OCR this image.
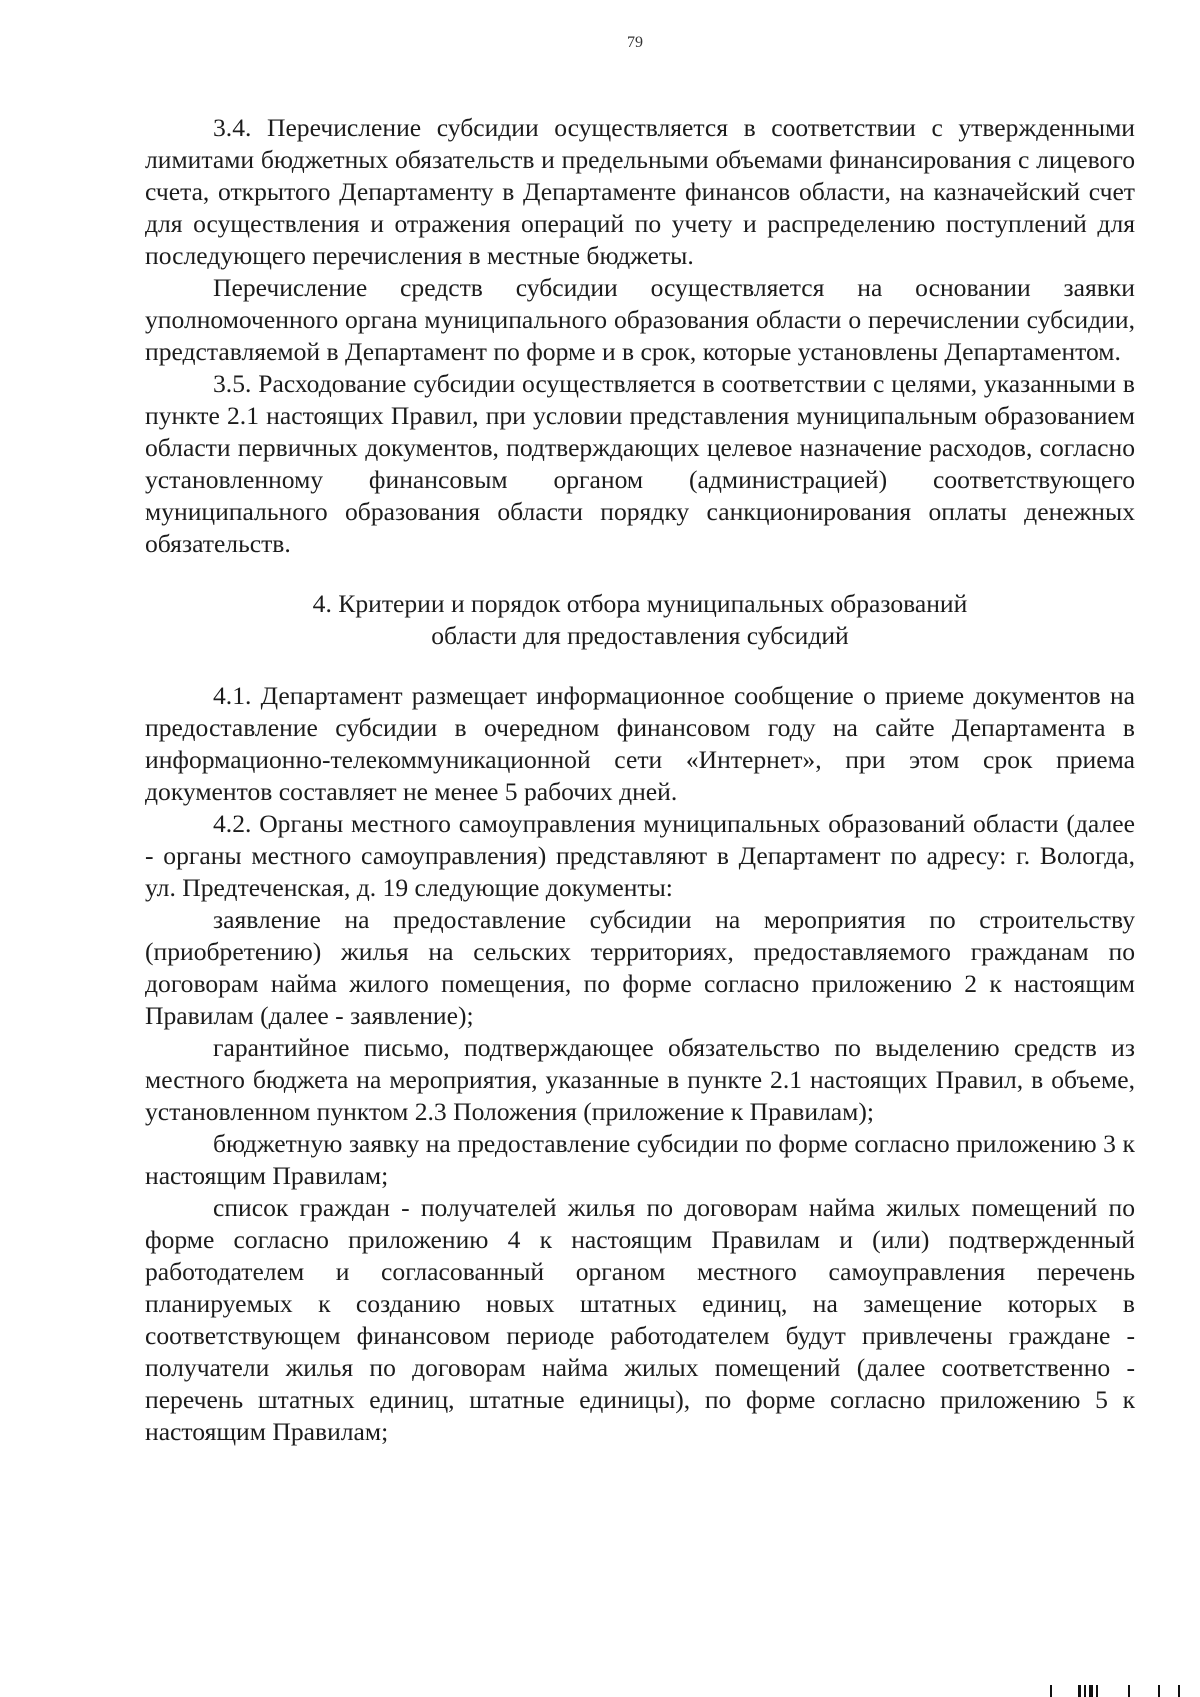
79

3.4. Перечисление субсидии осуществляется в соответствии с утвержденными лимитами бюджетных обязательств и предельными объемами финансирования с лицевого счета, открытого Департаменту в Департаменте финансов области, на казначейский счет для осуществления и отражения операций по учету и распределению поступлений для последующего перечисления в местные бюджеты.

Перечисление средств субсидии осуществляется на основании заявки уполномоченного органа муниципального образования области о перечислении субсидии, представляемой в Департамент по форме и в срок, которые установлены Департаментом.

3.5. Расходование субсидии осуществляется в соответствии с целями, указанными в пункте 2.1 настоящих Правил, при условии представления муниципальным образованием области первичных документов, подтверждающих целевое назначение расходов, согласно установленному финансовым органом (администрацией) соответствующего муниципального образования области порядку санкционирования оплаты денежных обязательств.

4. Критерии и порядок отбора муниципальных образований
области для предоставления субсидий

4.1. Департамент размещает информационное сообщение о приеме документов на предоставление субсидии в очередном финансовом году на сайте Департамента в информационно-телекоммуникационной сети «Интернет», при этом срок приема документов составляет не менее 5 рабочих дней.

4.2. Органы местного самоуправления муниципальных образований области (далее - органы местного самоуправления) представляют в Департамент по адресу: г. Вологда, ул. Предтеченская, д. 19 следующие документы:

заявление на предоставление субсидии на мероприятия по строительству (приобретению) жилья на сельских территориях, предоставляемого гражданам по договорам найма жилого помещения, по форме согласно приложению 2 к настоящим Правилам (далее - заявление);

гарантийное письмо, подтверждающее обязательство по выделению средств из местного бюджета на мероприятия, указанные в пункте 2.1 настоящих Правил, в объеме, установленном пунктом 2.3 Положения (приложение к Правилам);

бюджетную заявку на предоставление субсидии по форме согласно приложению 3 к настоящим Правилам;

список граждан - получателей жилья по договорам найма жилых помещений по форме согласно приложению 4 к настоящим Правилам и (или) подтвержденный работодателем и согласованный органом местного самоуправления перечень планируемых к созданию новых штатных единиц, на замещение которых в соответствующем финансовом периоде работодателем будут привлечены граждане - получатели жилья по договорам найма жилых помещений (далее соответственно - перечень штатных единиц, штатные единицы), по форме согласно приложению 5 к настоящим Правилам;
